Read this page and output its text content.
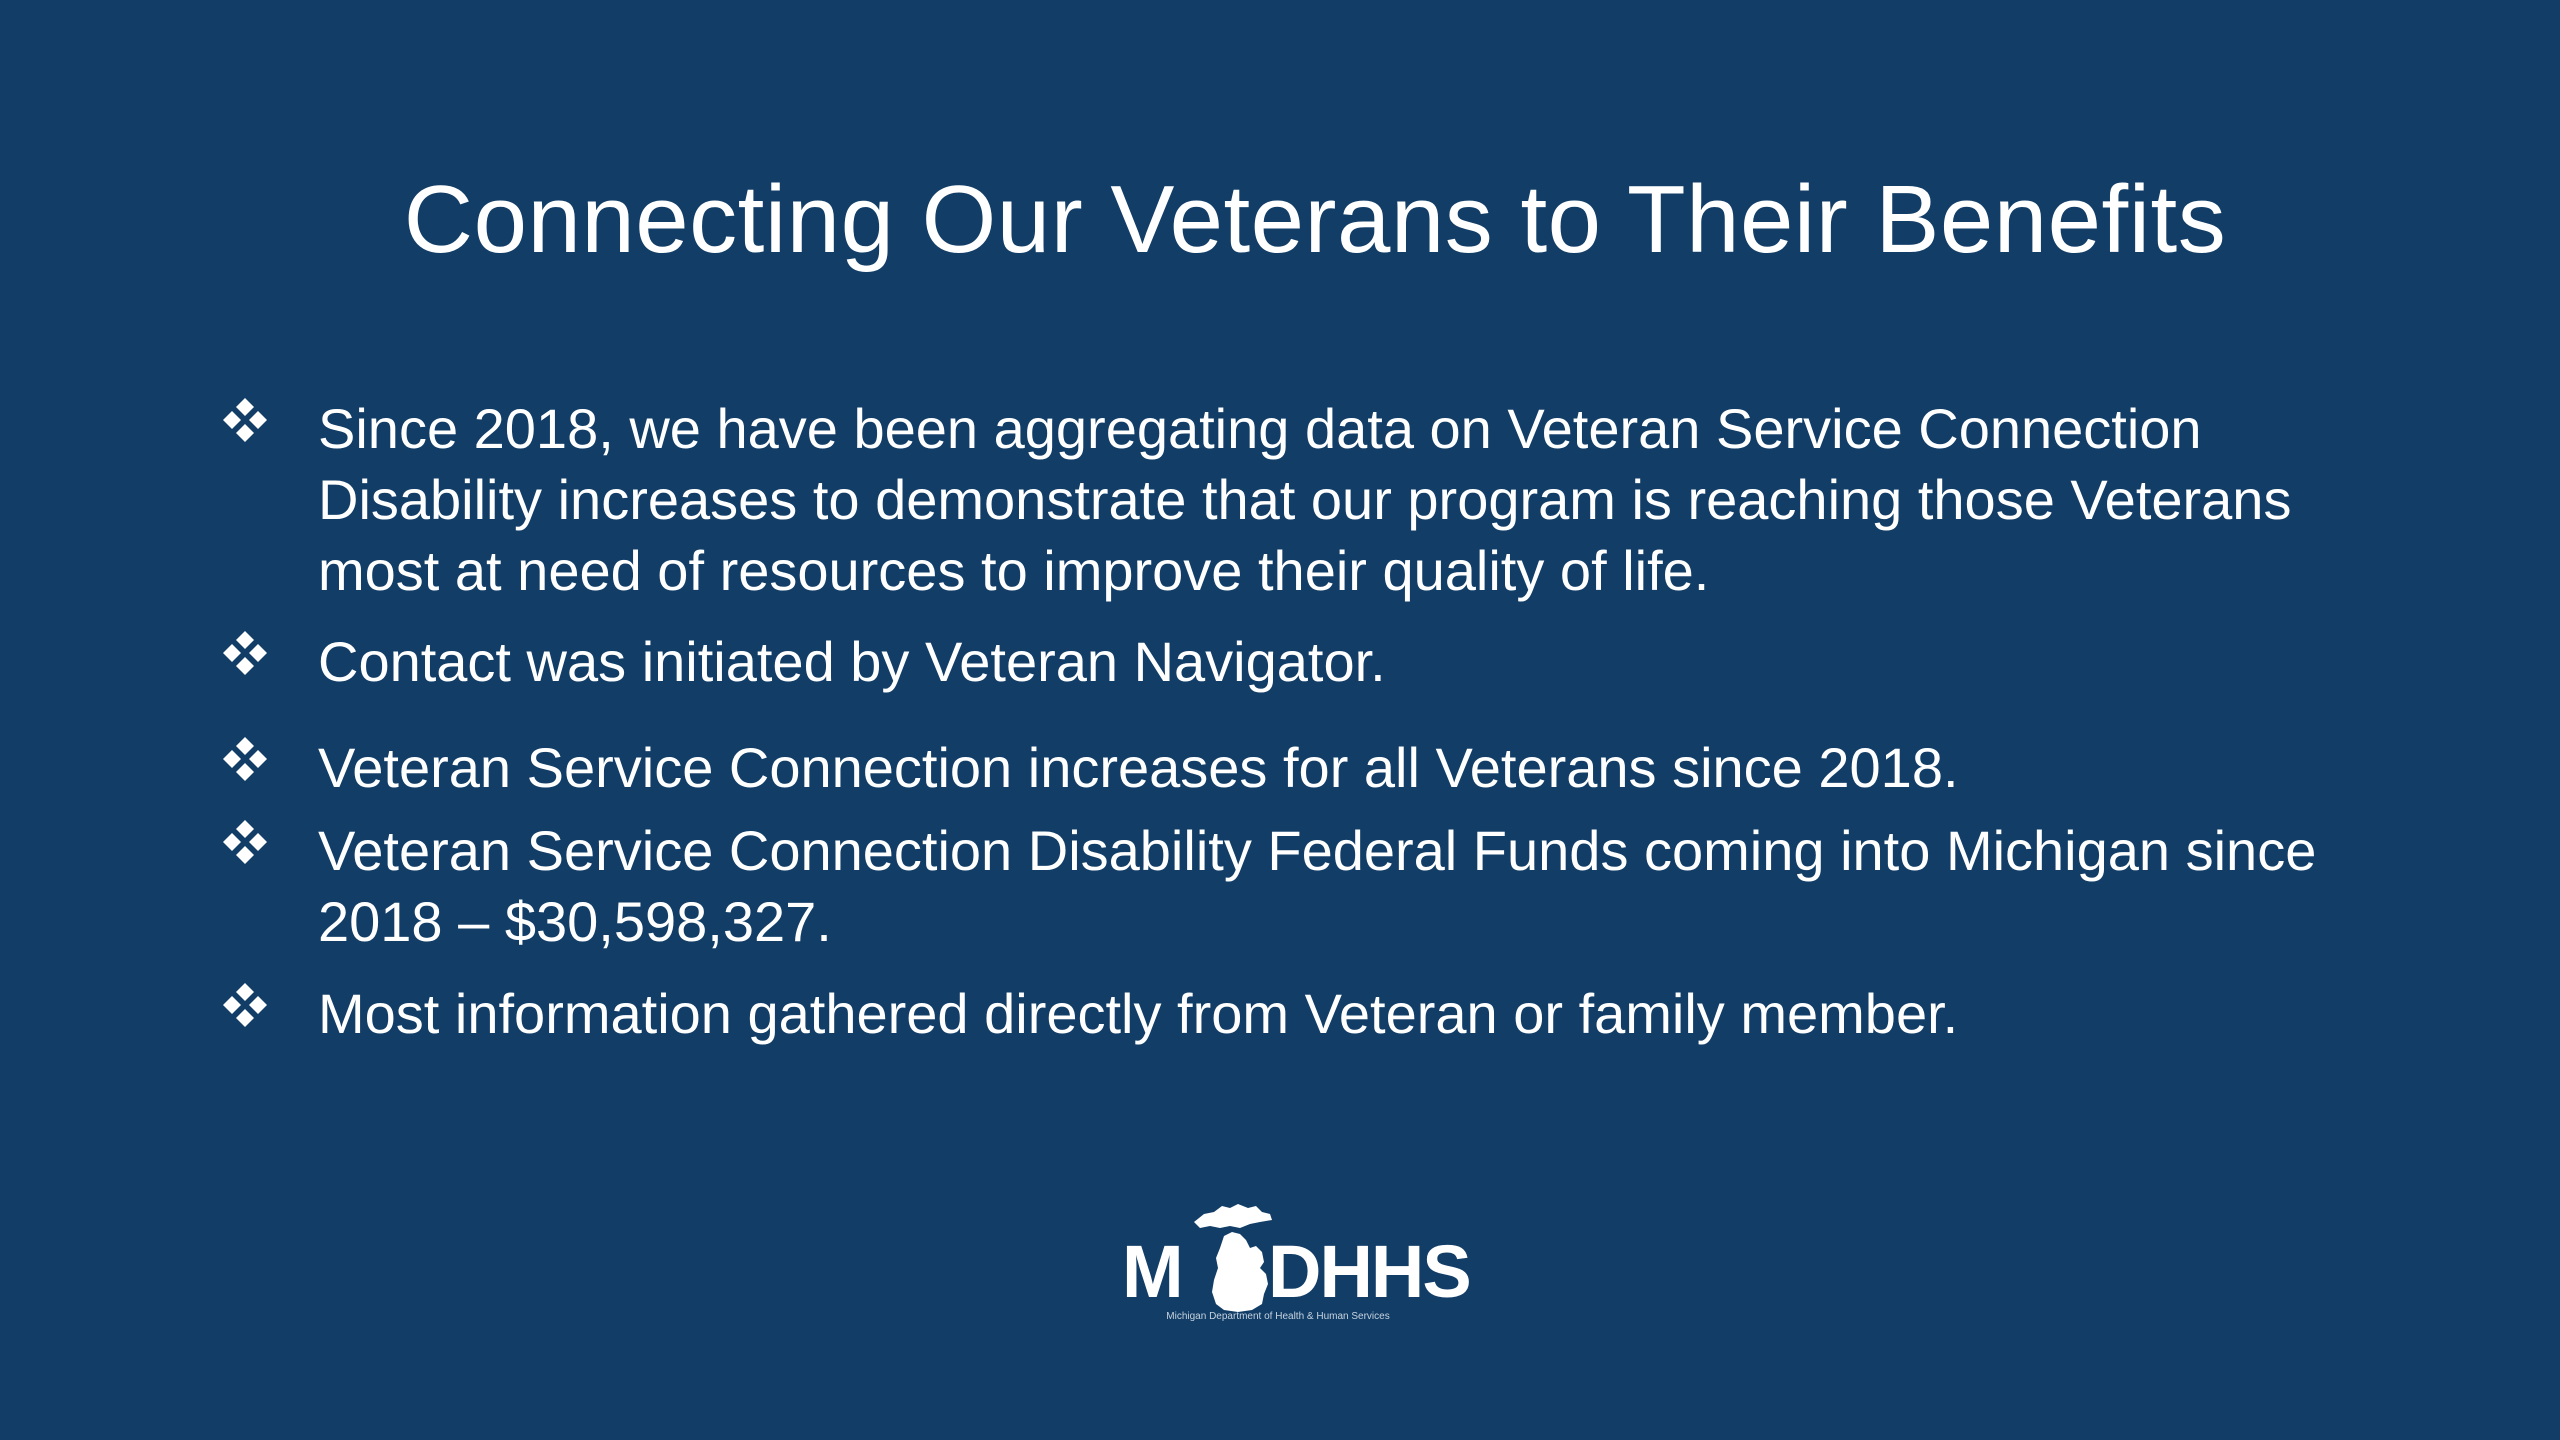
Connecting Our Veterans to Their Benefits
Since 2018, we have been aggregating data on Veteran Service Connection
Disability increases to demonstrate that our program is reaching those Veterans
most at need of resources to improve their quality of life.
Contact was initiated by Veteran Navigator.
Veteran Service Connection increases for all Veterans since 2018.
Veteran Service Connection Disability Federal Funds coming into Michigan since
2018 – $30,598,327.
Most information gathered directly from Veteran or family member.
M DHHS
Michigan Department of Health & Human Services
